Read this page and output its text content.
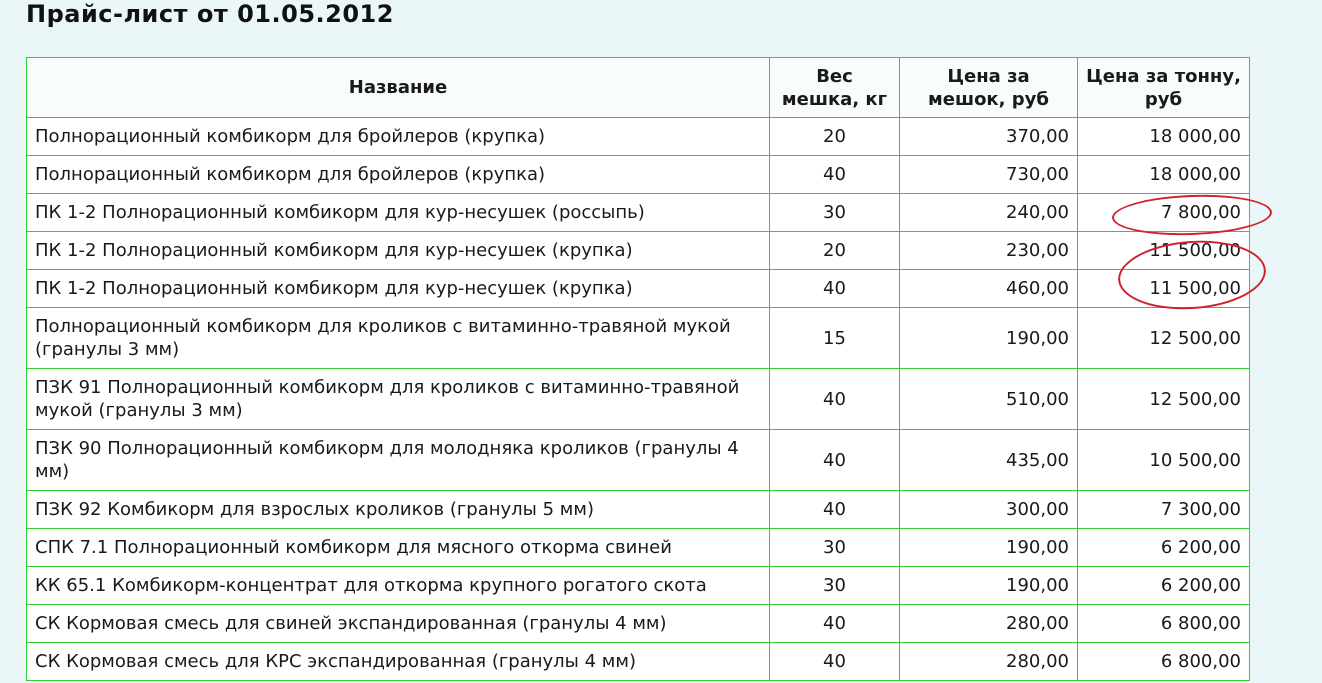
Прайс-лист от 01.05.2012
Название	Вес мешка, кг	Цена за мешок, руб	Цена за тонну, руб
Полнорационный комбикорм для бройлеров (крупка)	20	370,00	18 000,00
Полнорационный комбикорм для бройлеров (крупка)	40	730,00	18 000,00
ПК 1-2 Полнорационный комбикорм для кур-несушек (россыпь)	30	240,00	7 800,00
ПК 1-2 Полнорационный комбикорм для кур-несушек (крупка)	20	230,00	11 500,00
ПК 1-2 Полнорационный комбикорм для кур-несушек (крупка)	40	460,00	11 500,00
Полнорационный комбикорм для кроликов с витаминно-травяной мукой (гранулы 3 мм)	15	190,00	12 500,00
ПЗК 91 Полнорационный комбикорм для кроликов с витаминно-травяной мукой (гранулы 3 мм)	40	510,00	12 500,00
ПЗК 90 Полнорационный комбикорм для молодняка кроликов (гранулы 4 мм)	40	435,00	10 500,00
ПЗК 92 Комбикорм для взрослых кроликов (гранулы 5 мм)	40	300,00	7 300,00
СПК 7.1 Полнорационный комбикорм для мясного откорма свиней	30	190,00	6 200,00
КК 65.1 Комбикорм-концентрат для откорма крупного рогатого скота	30	190,00	6 200,00
СК Кормовая смесь для свиней экспандированная (гранулы 4 мм)	40	280,00	6 800,00
СК Кормовая смесь для КРС экспандированная (гранулы 4 мм)	40	280,00	6 800,00
